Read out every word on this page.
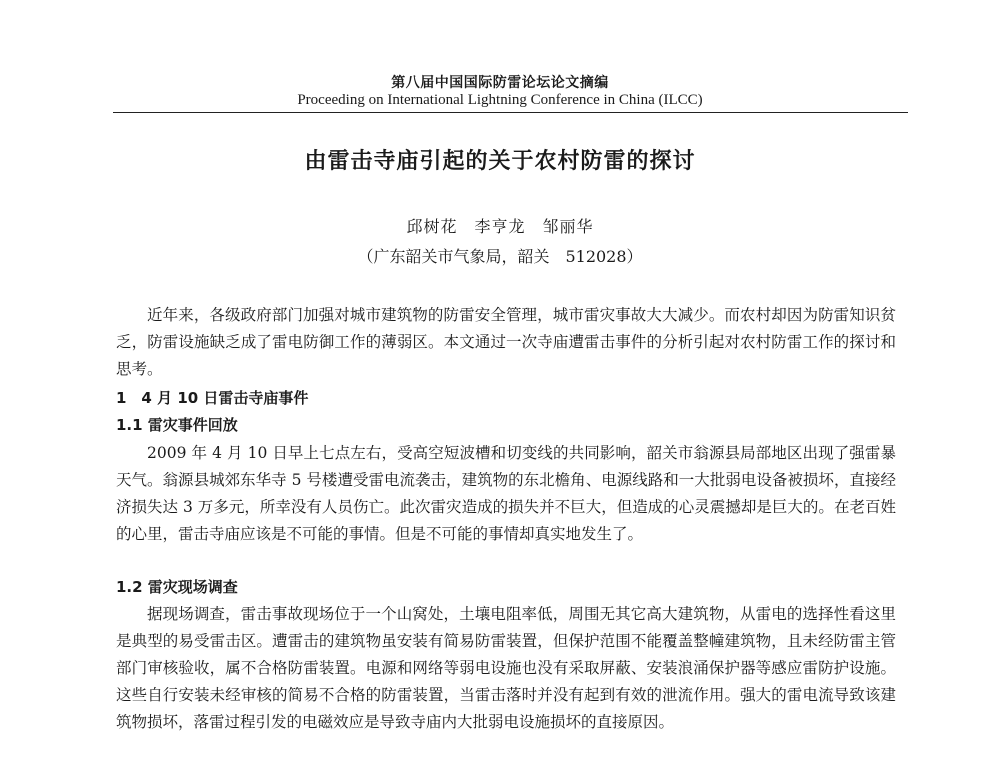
第八届中国国际防雷论坛论文摘编
Proceeding on International Lightning Conference in China (ILCC)
由雷击寺庙引起的关于农村防雷的探讨
邱树花　李亨龙　邹丽华
（广东韶关市气象局，韶关　512028）
近年来，各级政府部门加强对城市建筑物的防雷安全管理，城市雷灾事故大大减少。而农村却因为防雷知识贫乏，防雷设施缺乏成了雷电防御工作的薄弱区。本文通过一次寺庙遭雷击事件的分析引起对农村防雷工作的探讨和思考。
1　4 月 10 日雷击寺庙事件
1.1 雷灾事件回放
2009 年 4 月 10 日早上七点左右，受高空短波槽和切变线的共同影响，韶关市翁源县局部地区出现了强雷暴天气。翁源县城郊东华寺 5 号楼遭受雷电流袭击，建筑物的东北檐角、电源线路和一大批弱电设备被损坏，直接经济损失达 3 万多元，所幸没有人员伤亡。此次雷灾造成的损失并不巨大，但造成的心灵震撼却是巨大的。在老百姓的心里，雷击寺庙应该是不可能的事情。但是不可能的事情却真实地发生了。
1.2 雷灾现场调查
据现场调查，雷击事故现场位于一个山窝处，土壤电阻率低，周围无其它高大建筑物，从雷电的选择性看这里是典型的易受雷击区。遭雷击的建筑物虽安装有简易防雷装置，但保护范围不能覆盖整幢建筑物，且未经防雷主管部门审核验收，属不合格防雷装置。电源和网络等弱电设施也没有采取屏蔽、安装浪涌保护器等感应雷防护设施。这些自行安装未经审核的简易不合格的防雷装置，当雷击落时并没有起到有效的泄流作用。强大的雷电流导致该建筑物损坏，落雷过程引发的电磁效应是导致寺庙内大批弱电设施损坏的直接原因。
